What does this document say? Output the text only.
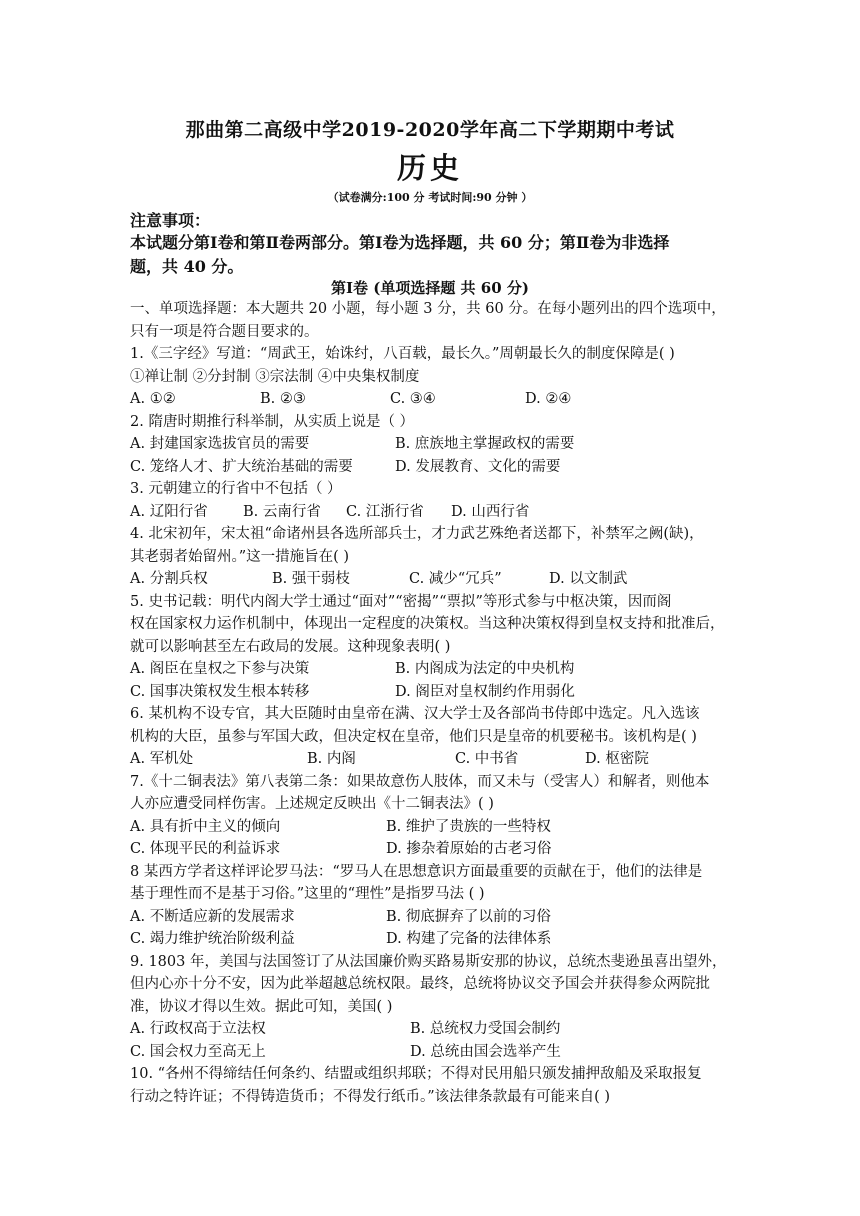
那曲第二高级中学2019-2020学年高二下学期期中考试
历史
（试卷满分:100 分 考试时间:90 分钟 ）
注意事项：
本试题分第Ⅰ卷和第Ⅱ卷两部分。第Ⅰ卷为选择题，共 60 分；第Ⅱ卷为非选择
题，共 40 分。
第Ⅰ卷 (单项选择题 共 60 分)
一、单项选择题：本大题共 20 小题，每小题 3 分，共 60 分。在每小题列出的四个选项中，
只有一项是符合题目要求的。
1.《三字经》写道：“周武王，始诛纣，八百载，最长久。”周朝最长久的制度保障是( )
①禅让制 ②分封制 ③宗法制 ④中央集权制度
A. ①②	B. ②③	C. ③④	D. ②④
2. 隋唐时期推行科举制，从实质上说是（ ）
A. 封建国家选拔官员的需要	B. 庶族地主掌握政权的需要
C. 笼络人才、扩大统治基础的需要	D. 发展教育、文化的需要
3. 元朝建立的行省中不包括（ ）
A. 辽阳行省	B. 云南行省	C. 江浙行省	D. 山西行省
4. 北宋初年，宋太祖“命诸州县各选所部兵士，才力武艺殊绝者送都下，补禁军之阙(缺)，
其老弱者始留州。”这一措施旨在( )
A. 分割兵权	B. 强干弱枝	C. 减少“冗兵”	D. 以文制武
5. 史书记载：明代内阁大学士通过“面对”“密揭”“票拟”等形式参与中枢决策，因而阁
权在国家权力运作机制中，体现出一定程度的决策权。当这种决策权得到皇权支持和批准后，
就可以影响甚至左右政局的发展。这种现象表明( )
A. 阁臣在皇权之下参与决策	B. 内阁成为法定的中央机构
C. 国事决策权发生根本转移	D. 阁臣对皇权制约作用弱化
6. 某机构不设专官，其大臣随时由皇帝在满、汉大学士及各部尚书侍郎中选定。凡入选该
机构的大臣，虽参与军国大政，但决定权在皇帝，他们只是皇帝的机要秘书。该机构是( )
A. 军机处	B. 内阁	C. 中书省	D. 枢密院
7.《十二铜表法》第八表第二条：如果故意伤人肢体，而又未与（受害人）和解者，则他本
人亦应遭受同样伤害。上述规定反映出《十二铜表法》( )
A. 具有折中主义的倾向	B. 维护了贵族的一些特权
C. 体现平民的利益诉求	D. 掺杂着原始的古老习俗
8 某西方学者这样评论罗马法：“罗马人在思想意识方面最重要的贡献在于，他们的法律是
基于理性而不是基于习俗。”这里的“理性”是指罗马法 ( )
A. 不断适应新的发展需求	B. 彻底摒弃了以前的习俗
C. 竭力维护统治阶级利益	D. 构建了完备的法律体系
9. 1803 年，美国与法国签订了从法国廉价购买路易斯安那的协议，总统杰斐逊虽喜出望外，
但内心亦十分不安，因为此举超越总统权限。最终，总统将协议交予国会并获得参众两院批
准，协议才得以生效。据此可知，美国( )
A. 行政权高于立法权	B. 总统权力受国会制约
C. 国会权力至高无上	D. 总统由国会选举产生
10. “各州不得缔结任何条约、结盟或组织邦联；不得对民用船只颁发捕押敌船及采取报复
行动之特许证；不得铸造货币；不得发行纸币。”该法律条款最有可能来自( )
